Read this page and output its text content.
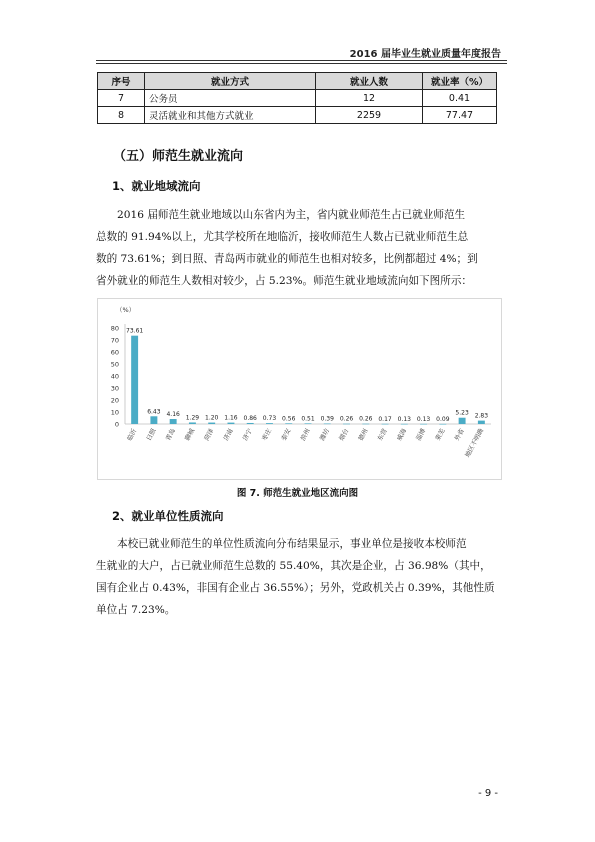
2016 届毕业生就业质量年度报告
序号	就业方式	就业人数	就业率（%）
7	公务员	12	0.41
8	灵活就业和其他方式就业	2259	77.47
（五）师范生就业流向
1、就业地域流向
2016 届师范生就业地域以山东省内为主，省内就业师范生占已就业师范生
总数的 91.94%以上，尤其学校所在地临沂，接收师范生人数占已就业师范生总
数的 73.61%；到日照、青岛两市就业的师范生也相对较多，比例都超过 4%；到
省外就业的师范生人数相对较少，占 5.23%。师范生就业地域流向如下图所示：
（%）
0
10
20
30
40
50
60
70
80 73.61
临沂
6.43
日照
4.16
青岛
1.29
聊城
1.20
菏泽
1.16
济南
0.86
济宁
0.73
枣庄
0.56
泰安
0.51
滨州
0.39
潍坊
0.26
烟台
0.26
德州
0.17
东营
0.13
威海
0.13
淄博
0.09
莱芜
5.23
外省
2.83
地区不明确
图 7. 师范生就业地区流向图
2、就业单位性质流向
本校已就业师范生的单位性质流向分布结果显示，事业单位是接收本校师范
生就业的大户，占已就业师范生总数的 55.40%，其次是企业，占 36.98%（其中，
国有企业占 0.43%，非国有企业占 36.55%）；另外，党政机关占 0.39%，其他性质
单位占 7.23%。
- 9 -
